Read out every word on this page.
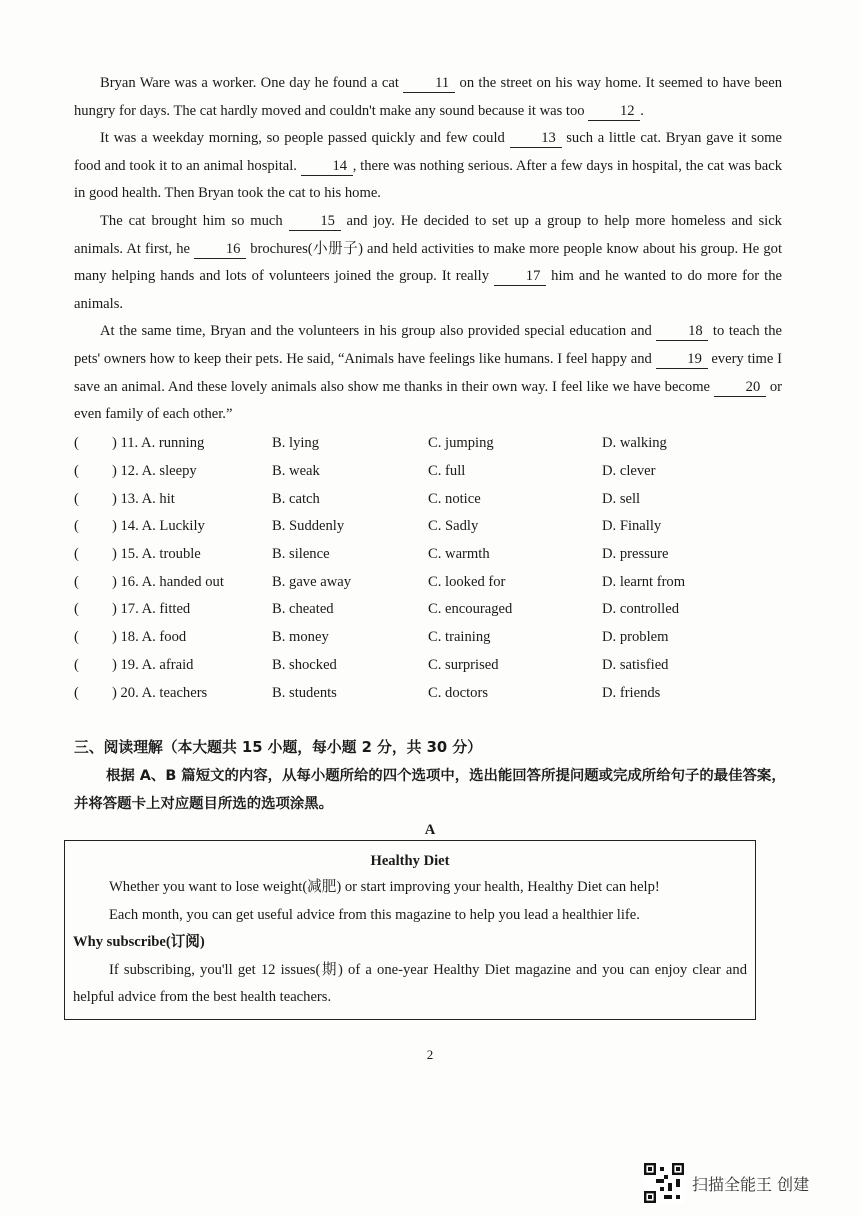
Bryan Ware was a worker. One day he found a cat 11 on the street on his way home. It seemed to have been hungry for days. The cat hardly moved and couldn't make any sound because it was too 12 .

It was a weekday morning, so people passed quickly and few could 13 such a little cat. Bryan gave it some food and took it to an animal hospital. 14 , there was nothing serious. After a few days in hospital, the cat was back in good health. Then Bryan took the cat to his home.

The cat brought him so much	15 and joy. He decided to set up a group to help more homeless and sick animals. At first, he 16 brochures(小册子) and held activities to make more people know about his group. He got many helping hands and lots of volunteers joined the group. It really	17 him and he wanted to do more for the animals.

At the same time, Bryan and the volunteers in his group also provided special education and 18 to teach the pets' owners how to keep their pets. He said, “Animals have feelings like humans. I feel happy and 19 every time I save an animal. And these lovely animals also show me thanks in their own way. I feel like we have become 20 or even family of each other.”

(	) 11. A. running	B. lying	C. jumping	D. walking
(	) 12. A. sleepy	B. weak	C. full	D. clever
(	) 13. A. hit	B. catch	C. notice	D. sell
(	) 14. A. Luckily	B. Suddenly	C. Sadly	D. Finally
(	) 15. A. trouble	B. silence	C. warmth	D. pressure
(	) 16. A. handed out	B. gave away	C. looked for	D. learnt from
(	) 17. A. fitted	B. cheated	C. encouraged	D. controlled
(	) 18. A. food	B. money	C. training	D. problem
(	) 19. A. afraid	B. shocked	C. surprised	D. satisfied
(	) 20. A. teachers	B. students	C. doctors	D. friends
三、阅读理解（本大题共 15 小题，每小题 2 分，共 30 分）
根据 A、B 篇短文的内容，从每小题所给的四个选项中，选出能回答所提问题或完成所给句子的最佳答案，并将答题卡上对应题目所选的选项涂黑。
A
Healthy Diet

Whether you want to lose weight(减肥) or start improving your health, Healthy Diet can help!

Each month, you can get useful advice from this magazine to help you lead a healthier life.

Why subscribe(订阅)

If subscribing, you'll get 12 issues(期) of a one-year Healthy Diet magazine and you can enjoy clear and helpful advice from the best health teachers.

2
扫描全能王 创建
